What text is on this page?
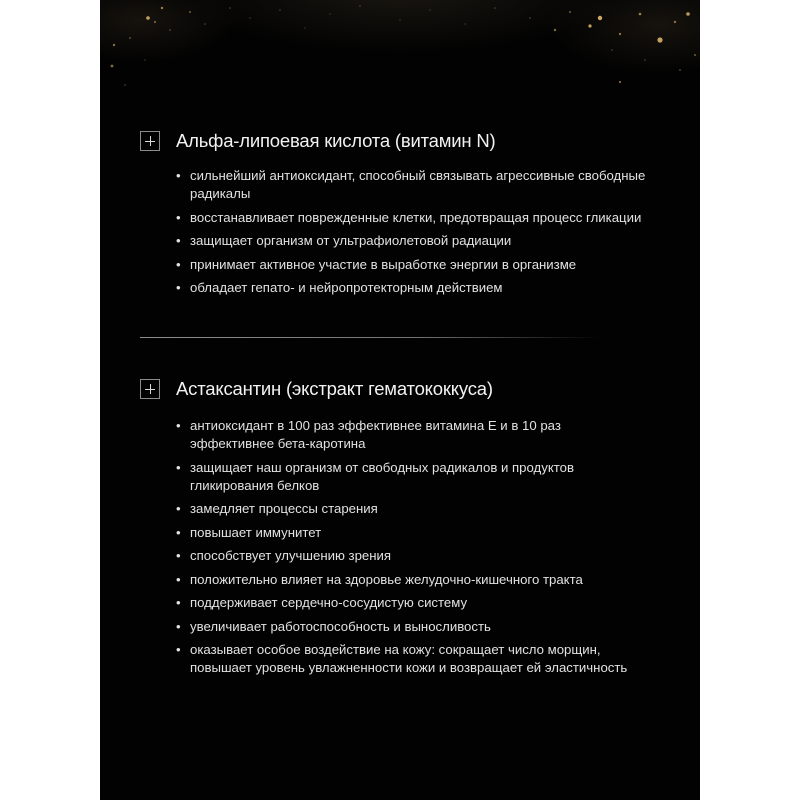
Альфа-липоевая кислота (витамин N)
• сильнейший антиоксидант, способный связывать агрессивные свободные радикалы
• восстанавливает поврежденные клетки, предотвращая процесс гликации
• защищает организм от ультрафиолетовой радиации
• принимает активное участие в выработке энергии в организме
• обладает гепато- и нейропротекторным действием
Астаксантин (экстракт гематококкуса)
• антиоксидант в 100 раз эффективнее витамина Е и в 10 раз эффективнее бета-каротина
• защищает наш организм от свободных радикалов и продуктов гликирования белков
• замедляет процессы старения
• повышает иммунитет
• способствует улучшению зрения
• положительно влияет на здоровье желудочно-кишечного тракта
• поддерживает сердечно-сосудистую систему
• увеличивает работоспособность и выносливость
• оказывает особое воздействие на кожу: сокращает число морщин, повышает уровень увлажненности кожи и возвращает ей эластичность
